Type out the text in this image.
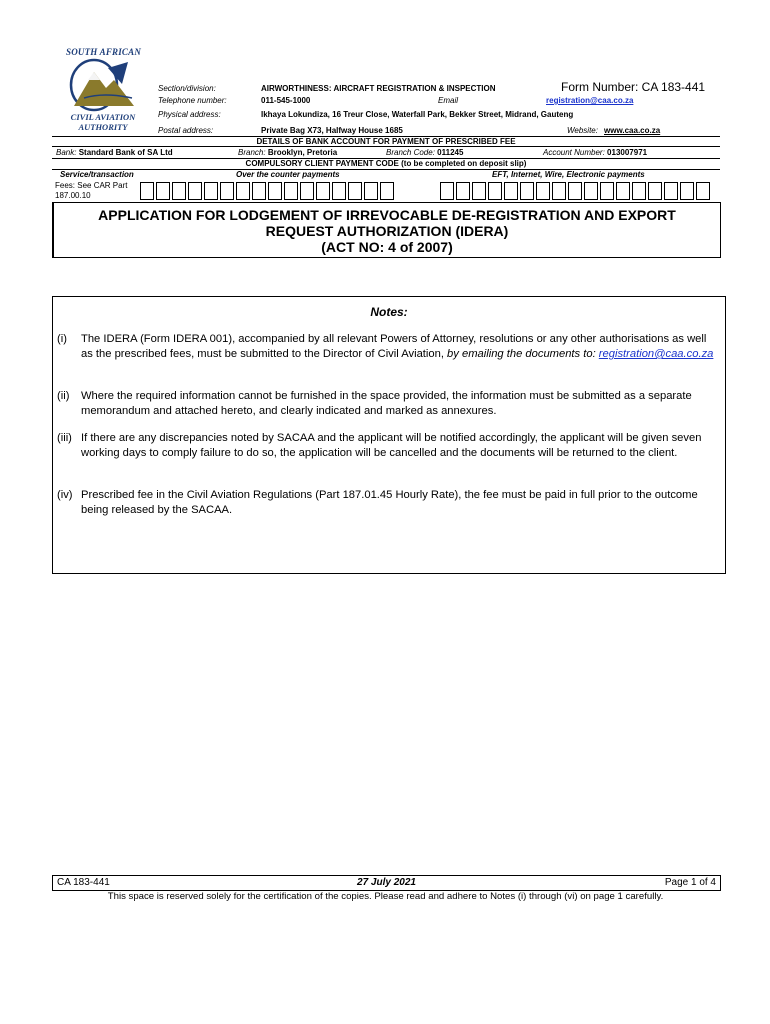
SOUTH AFRICAN
CIVIL AVIATION
AUTHORITY
Section/division:	AIRWORTHINESS: AIRCRAFT REGISTRATION & INSPECTION	Form Number: CA 183-441
Telephone number:	011-545-1000	Email	registration@caa.co.za
Physical address:	Ikhaya Lokundiza, 16 Treur Close, Waterfall Park, Bekker Street, Midrand, Gauteng
Postal address:	Private Bag X73, Halfway House 1685	Website: www.caa.co.za
DETAILS OF BANK ACCOUNT FOR PAYMENT OF PRESCRIBED FEE
Bank: Standard Bank of SA Ltd	Branch: Brooklyn, Pretoria	Branch Code: 011245	Account Number: 013007971
COMPULSORY CLIENT PAYMENT CODE (to be completed on deposit slip)
Service/transaction	Over the counter payments	EFT, Internet, Wire, Electronic payments
Fees: See CAR Part
187.00.10
APPLICATION FOR LODGEMENT OF IRREVOCABLE DE-REGISTRATION AND EXPORT
REQUEST AUTHORIZATION (IDERA)
(ACT NO: 4 of 2007)
Notes:
(i) The IDERA (Form IDERA 001), accompanied by all relevant Powers of Attorney, resolutions or any other authorisations as well as the prescribed fees, must be submitted to the Director of Civil Aviation, by emailing the documents to: registration@caa.co.za
(ii) Where the required information cannot be furnished in the space provided, the information must be submitted as a separate memorandum and attached hereto, and clearly indicated and marked as annexures.
(iii) If there are any discrepancies noted by SACAA and the applicant will be notified accordingly, the applicant will be given seven working days to comply failure to do so, the application will be cancelled and the documents will be returned to the client.
(iv) Prescribed fee in the Civil Aviation Regulations (Part 187.01.45 Hourly Rate), the fee must be paid in full prior to the outcome being released by the SACAA.
CA 183-441	27 July 2021	Page 1 of 4
This space is reserved solely for the certification of the copies. Please read and adhere to Notes (i) through (vi) on page 1 carefully.
